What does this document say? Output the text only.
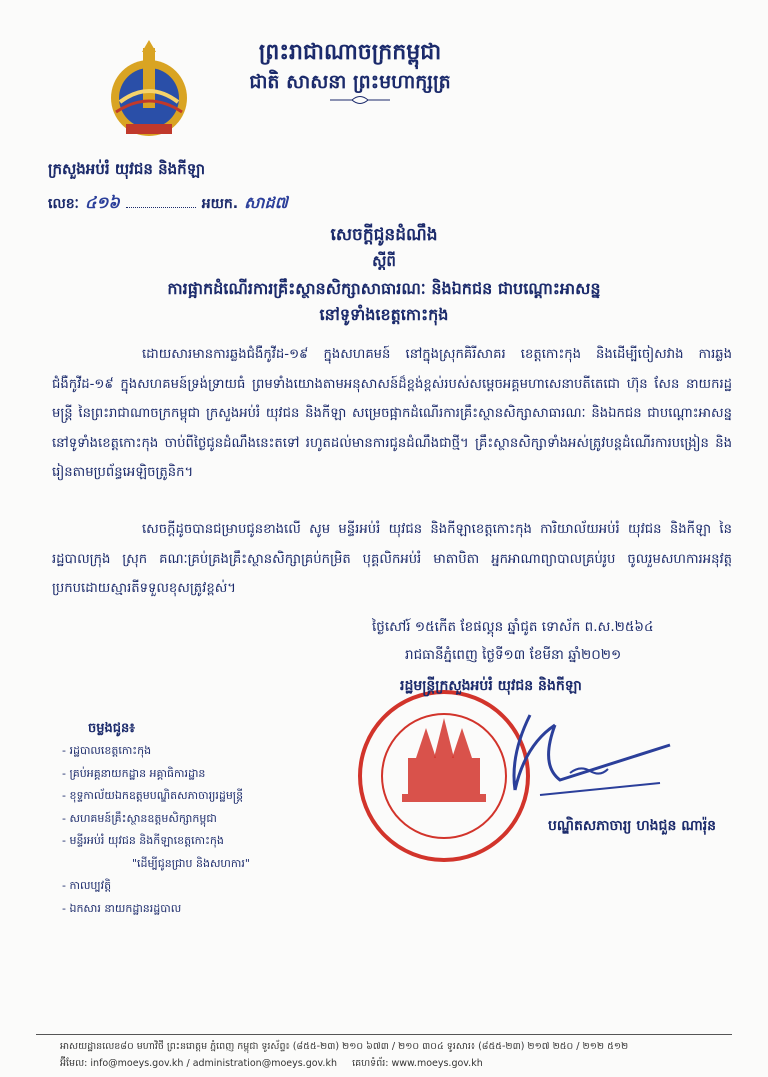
ព្រះរាជាណាចក្រកម្ពុជា
ជាតិ សាសនា ព្រះមហាក្សត្រ
ក្រសួងអប់រំ យុវជន និងកីឡា
លេខៈ ៤១៦	អយក. សាដ៧
សេចក្តីជូនដំណឹង
ស្តីពី
ការផ្អាកដំណើរការគ្រឹះស្ថានសិក្សាសាធារណៈ និងឯកជន ជាបណ្តោះអាសន្ន
នៅទូទាំងខេត្តកោះកុង
ដោយសារមានការឆ្លងជំងឺកូវីដ-១៩ ក្នុងសហគមន៍ នៅក្នុងស្រុកគិរីសាគរ ខេត្តកោះកុង និងដើម្បីចៀសវាង ការឆ្លងជំងឺកូវីដ-១៩ ក្នុងសហគមន៍ទ្រង់ទ្រាយធំ ព្រមទាំងយោងតាមអនុសាសន៍ដ៏ខ្ពង់ខ្ពស់របស់សម្តេចអគ្គមហាសេនាបតីតេជោ ហ៊ុន សែន នាយករដ្ឋមន្ត្រី នៃព្រះរាជាណាចក្រកម្ពុជា ក្រសួងអប់រំ យុវជន និងកីឡា សម្រេចផ្អាកដំណើរការគ្រឹះស្ថានសិក្សាសាធារណៈ និងឯកជន ជាបណ្តោះអាសន្ន នៅទូទាំងខេត្តកោះកុង ចាប់ពីថ្ងៃជូនដំណឹងនេះតទៅ រហូតដល់មានការជូនដំណឹងជាថ្មី។ គ្រឹះស្ថានសិក្សាទាំងអស់ត្រូវបន្តដំណើរការបង្រៀន និងរៀនតាមប្រព័ន្ធអេឡិចត្រូនិក។
សេចក្តីដូចបានជម្រាបជូនខាងលើ សូម មន្ទីរអប់រំ យុវជន និងកីឡាខេត្តកោះកុង ការិយាល័យអប់រំ យុវជន និងកីឡា នៃរដ្ឋបាលក្រុង ស្រុក គណៈគ្រប់គ្រងគ្រឹះស្ថានសិក្សាគ្រប់កម្រិត បុគ្គលិកអប់រំ មាតាបិតា អ្នកអាណាព្យាបាលគ្រប់រូប ចូលរួមសហការអនុវត្តប្រកបដោយស្មារតីទទួលខុសត្រូវខ្ពស់។
ថ្ងៃសៅរ៍ ១៥កើត ខែផល្គុន ឆ្នាំជូត ទោស័ក ព.ស.២៥៦៤
រាជធានីភ្នំពេញ ថ្ងៃទី១៣ ខែមីនា ឆ្នាំ២០២១
រដ្ឋមន្ត្រីក្រសួងអប់រំ យុវជន និងកីឡា
បណ្ឌិតសភាចារ្យ ហងជួន ណារ៉ុន
ចម្លងជូន៖
- រដ្ឋបាលខេត្តកោះកុង
- គ្រប់អគ្គនាយកដ្ឋាន អគ្គាធិការដ្ឋាន
- ខុទ្ទកាល័យឯកឧត្តមបណ្ឌិតសភាចារ្យរដ្ឋមន្ត្រី
- សហគមន៍គ្រឹះស្ថានឧត្តមសិក្សាកម្ពុជា
- មន្ទីរអប់រំ យុវជន និងកីឡាខេត្តកោះកុង
"ដើម្បីជូនជ្រាប និងសហការ"
- កាលប្បវត្តិ
- ឯកសារ នាយកដ្ឋានរដ្ឋបាល
អាសយដ្ឋានលេខ៨០ មហាវិថី ព្រះនរោត្តម ភ្នំពេញ កម្ពុជា ទូរស័ព្ទ៖ (៨៥៥-២៣) ២១០ ៦៧៣ / ២១០ ៣០៤ ទូរសារ៖ (៨៥៥-២៣) ២១៧ ២៥០ / ២១២ ៥១២
អ៊ីមែល: info@moeys.gov.kh / administration@moeys.gov.kh គេហទំព័រ: www.moeys.gov.kh
